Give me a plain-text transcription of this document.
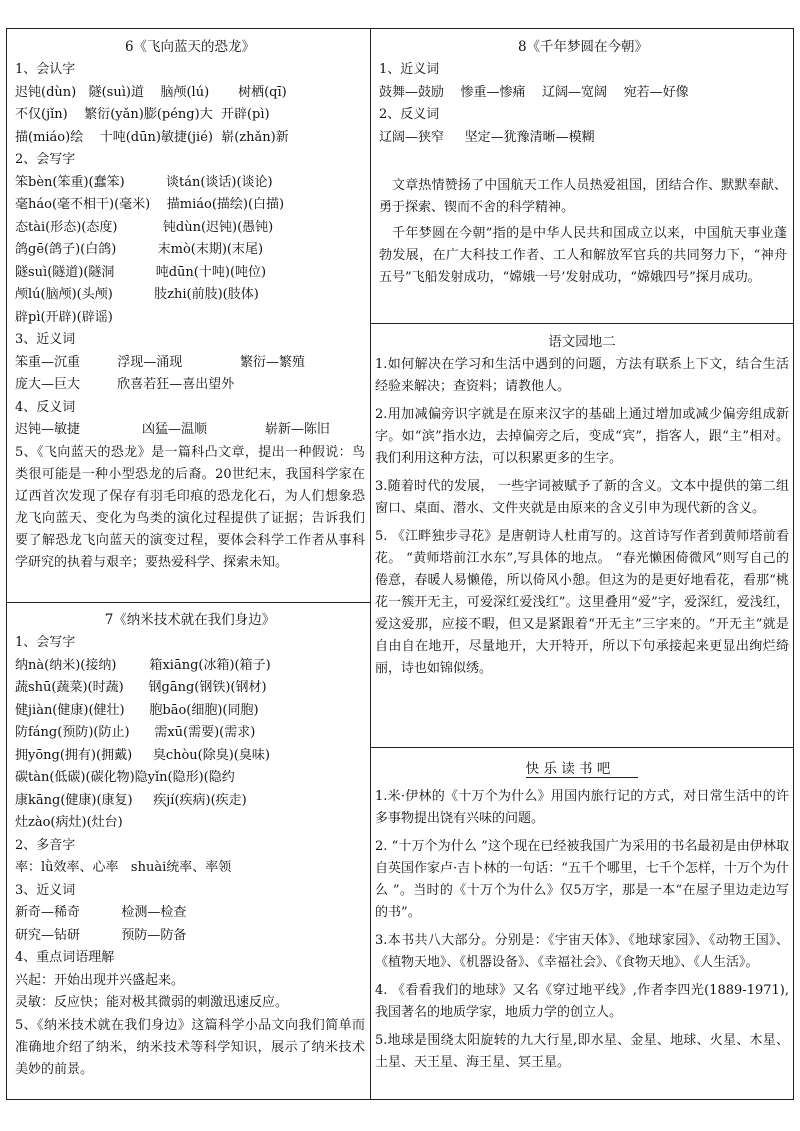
6《飞向蓝天的恐龙》
1、会认字
迟钝(dùn)   隧(suì)道    脑颅(lú)       树栖(qī)
不仅(jǐn)    繁衍(yǎn)膨(péng)大  开辟(pì)
描(miáo)绘    十吨(dūn)敏捷(jié)  崭(zhǎn)新
2、会写字
笨bèn(笨重)(蠢笨)          谈tán(谈话)(谈论)
毫háo(毫不相干)(毫米)    描miáo(描绘)(白描)
态tài(形态)(态度)           钝dùn(迟钝)(愚钝)
鸽gē(鸽子)(白鸽)          末mò(末期)(末尾)
隧suì(隧道)(隧洞          吨dūn(十吨)(吨位)
颅lú(脑颅)(头颅)          肢zhi(前肢)(肢体)
辟pì(开辟)(辟谣)
3、近义词
笨重—沉重         浮现—涌现              繁衍—繁殖
庞大—巨大         欣喜若狂—喜出望外
4、反义词
迟钝—敏捷               凶猛—温顺              崭新—陈旧
5、《飞向蓝天的恐龙》是一篇科凸文章，提出一种假说：鸟类很可能是一种小型恐龙的后裔。20世纪末，我国科学家在辽西首次发现了保存有羽毛印痕的恐龙化石，为人们想象恐龙飞向蓝天、变化为鸟类的演化过程提供了证据；告诉我们要了解恐龙飞向蓝天的演变过程，要体会科学工作者从事科学研究的执着与艰辛；要热爱科学、探索未知。
7《纳米技术就在我们身边》
1、会写字
纳nà(纳米)(接纳)        箱xiāng(冰箱)(箱子)
蔬shū(蔬菜)(时蔬)      钢gāng(钢铁)(钢材)
健jiàn(健康)(健壮)      胞bāo(细胞)(同胞)
防fáng(预防)(防止)      需xū(需要)(需求)
拥yōng(拥有)(拥戴)     臭chòu(除臭)(臭味)
碳tàn(低碳)(碳化物)隐yǐn(隐形)(隐约
康kāng(健康)(康复)     疾jí(疾病)(疾走)
灶zào(病灶)(灶台)
2、多音字
率：lǜ效率、心率   shuài统率、率领
3、近义词
新奇—稀奇          检测—检查
研究—钻研          预防—防备
4、重点词语理解
兴起：开始出现并兴盛起来。
灵敏：反应快；能对极其微弱的刺激迅速反应。
5、《纳米技术就在我们身边》这篇科学小品文向我们简单而准确地介绍了纳米，纳米技术等科学知识，展示了纳米技术美妙的前景。
8《千年梦圆在今朝》
1、近义词
鼓舞—鼓励    惨重—惨痛    辽阔—宽阔    宛若—好像
2、反义词
辽阔—狭窄     坚定—犹豫清晰—模糊
文章热情赞扬了中国航天工作人员热爱祖国，团结合作、默默奉献、勇于探索、锲而不舍的科学精神。
千年梦圆在今朝”指的是中华人民共和国成立以来，中国航天事业蓬勃发展，在广大科技工作者、工人和解放军官兵的共同努力下，“神舟五号”飞船发射成功，“嫦娥一号’发射成功，“嫦娥四号”探月成功。
语文园地二
1.如何解决在学习和生活中遇到的问题，方法有联系上下文，结合生活经验来解决；查资料；请教他人。
2.用加减偏旁识字就是在原来汉字的基础上通过增加或减少偏旁组成新字。如“滨”指水边，去掉偏旁之后，变成“宾”，指客人，跟“主”相对。我们利用这种方法，可以积累更多的生字。
3.随着时代的发展， 一些字词被赋予了新的含义。文本中提供的第二组窗口、桌面、潜水、文件夹就是由原来的含义引申为现代新的含义。
5. 《江畔独步寻花》是唐朝诗人杜甫写的。这首诗写作者到黄师塔前看花。 “黄师塔前江水东”,写具体的地点。 “春光懒困倚微风”则写自己的倦意，春暖人易懒倦，所以倚风小憩。但这为的是更好地看花，看那“桃花一簇开无主，可爱深红爱浅红”。这里叠用“爱”字，爱深红，爱浅红，爱这爱那，应接不暇，但又是紧跟着“开无主”三字来的。“开无主”就是自由自在地开，尽量地开，大开特开，所以下句承接起来更显出绚烂绮丽，诗也如锦似绣。
快 乐 读 书 吧
1.米·伊林的《十万个为什么》用国内旅行记的方式，对日常生活中的许多事物提出饶有兴味的问题。
2. “十万个为什么 ”这个现在已经被我国广为采用的书名最初是由伊林取自英国作家卢·吉卜林的一句话：“五千个哪里，七千个怎样，十万个为什么 ”。当时的《十万个为什么》仅5万字，那是一本“在屋子里边走边写的书”。
3.本书共八大部分。分别是：《宇宙天体》、《地球家园》、《动物王国》、《植物天地》、《机器设备》、《幸福社会》、《食物天地》、《人生活》。
4. 《看看我们的地球》又名《穿过地平线》,作者李四光(1889-1971),我国著名的地质学家，地质力学的创立人。
5.地球是围绕太阳旋转的九大行星,即水星、金星、地球、火星、木星、土星、天王星、海王星、冥王星。
